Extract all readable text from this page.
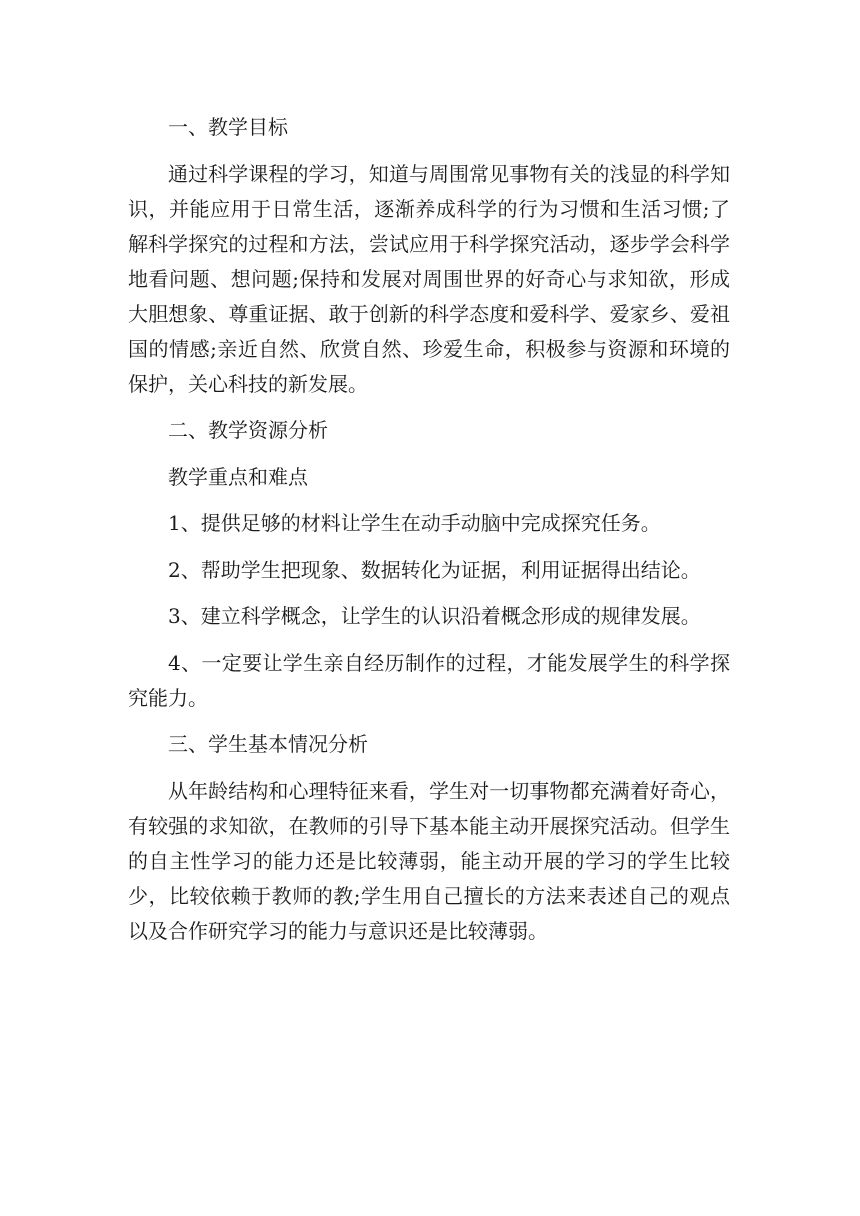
一、教学目标

通过科学课程的学习，知道与周围常见事物有关的浅显的科学知识，并能应用于日常生活，逐渐养成科学的行为习惯和生活习惯;了解科学探究的过程和方法，尝试应用于科学探究活动，逐步学会科学地看问题、想问题;保持和发展对周围世界的好奇心与求知欲，形成大胆想象、尊重证据、敢于创新的科学态度和爱科学、爱家乡、爱祖国的情感;亲近自然、欣赏自然、珍爱生命，积极参与资源和环境的保护，关心科技的新发展。

二、教学资源分析

教学重点和难点

1、提供足够的材料让学生在动手动脑中完成探究任务。

2、帮助学生把现象、数据转化为证据，利用证据得出结论。

3、建立科学概念，让学生的认识沿着概念形成的规律发展。

4、一定要让学生亲自经历制作的过程，才能发展学生的科学探究能力。

三、学生基本情况分析

从年龄结构和心理特征来看，学生对一切事物都充满着好奇心，有较强的求知欲，在教师的引导下基本能主动开展探究活动。但学生的自主性学习的能力还是比较薄弱，能主动开展的学习的学生比较少，比较依赖于教师的教;学生用自己擅长的方法来表述自己的观点以及合作研究学习的能力与意识还是比较薄弱。
